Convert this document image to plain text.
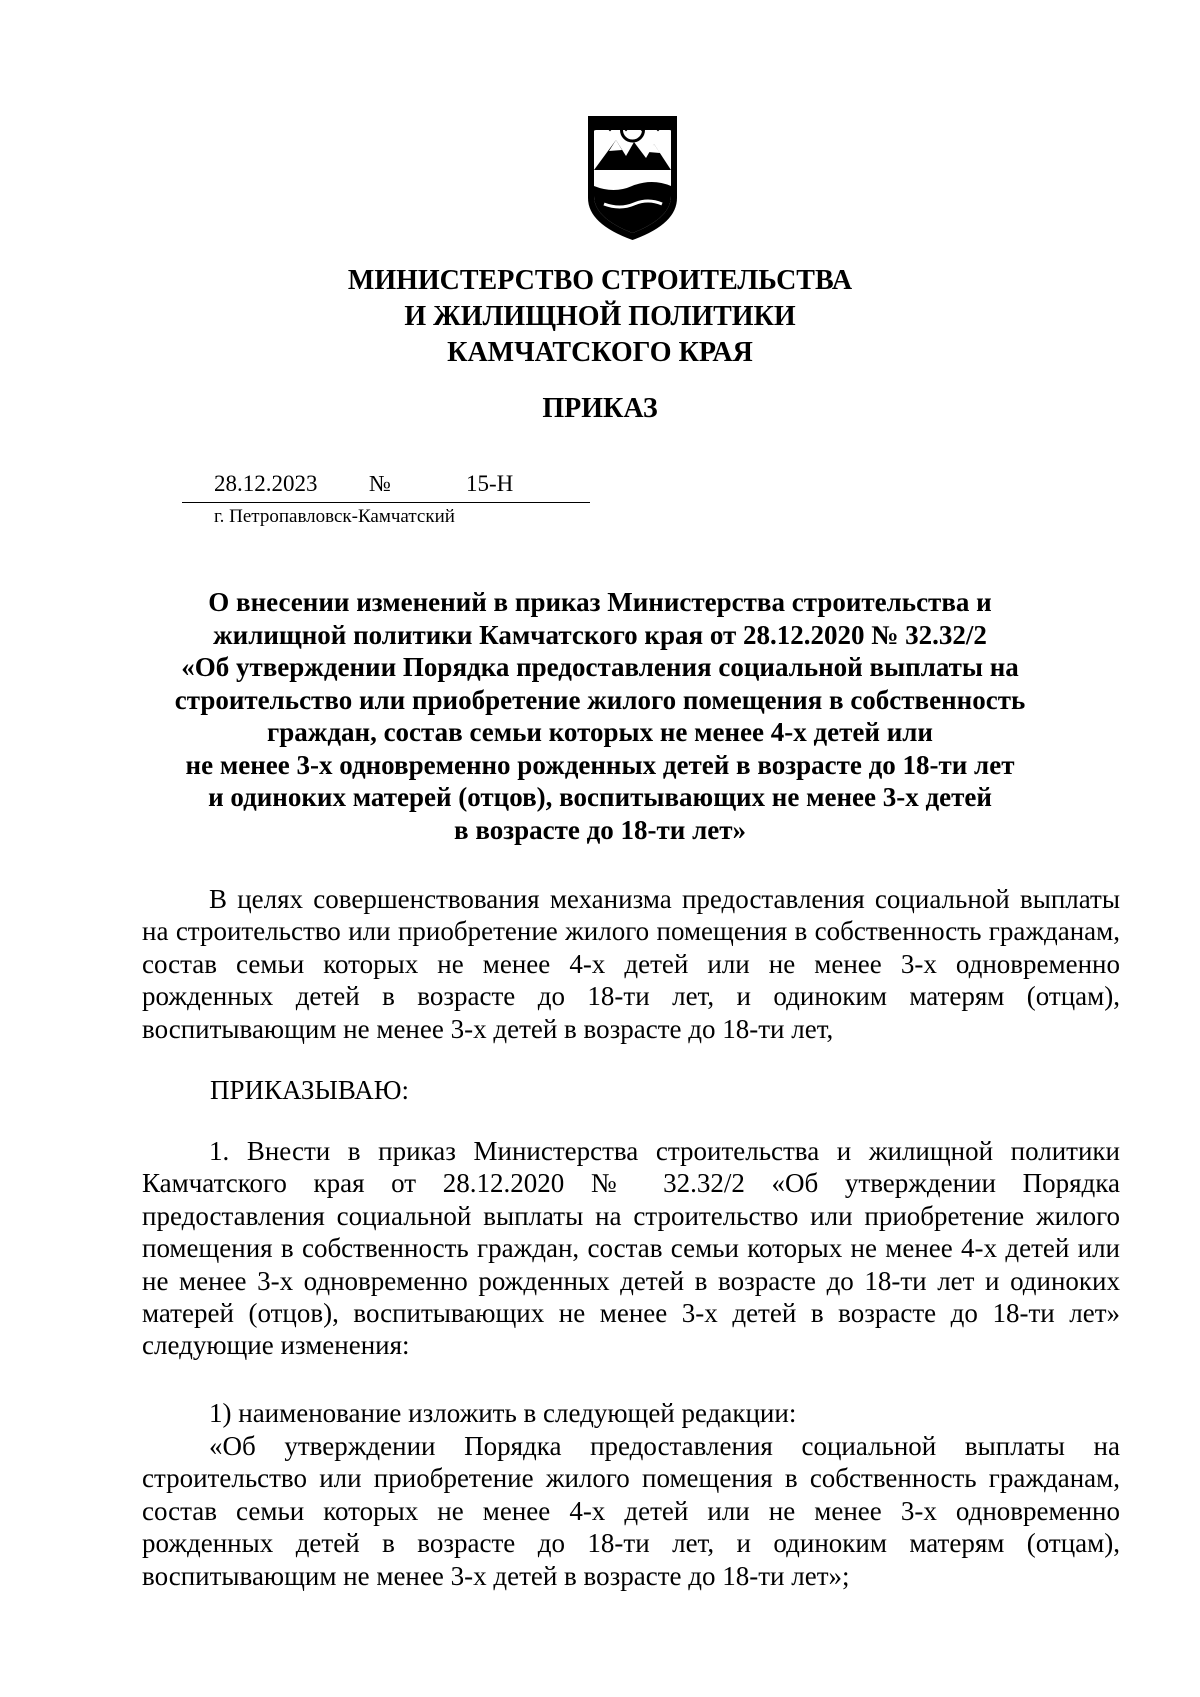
МИНИСТЕРСТВО СТРОИТЕЛЬСТВА
И ЖИЛИЩНОЙ ПОЛИТИКИ
КАМЧАТСКОГО КРАЯ
ПРИКАЗ
28.12.2023 №	15-Н
г. Петропавловск-Камчатский
О внесении изменений в приказ Министерства строительства и
жилищной политики Камчатского края от 28.12.2020 № 32.32/2
«Об утверждении Порядка предоставления социальной выплаты на
строительство или приобретение жилого помещения в собственность
граждан, состав семьи которых не менее 4-х детей или
не менее 3-х одновременно рожденных детей в возрасте до 18-ти лет
и одиноких матерей (отцов), воспитывающих не менее 3-х детей
в возрасте до 18-ти лет»
В целях совершенствования механизма предоставления социальной выплаты на строительство или приобретение жилого помещения в собственность гражданам, состав семьи которых не менее 4-х детей или не менее 3-х одновременно рожденных детей в возрасте до 18-ти лет, и одиноким матерям (отцам), воспитывающим не менее 3-х детей в возрасте до 18-ти лет,
ПРИКАЗЫВАЮ:
1. Внести в приказ Министерства строительства и жилищной политики Камчатского края от 28.12.2020 № 32.32/2 «Об утверждении Порядка предоставления социальной выплаты на строительство или приобретение жилого помещения в собственность граждан, состав семьи которых не менее 4-х детей или не менее 3-х одновременно рожденных детей в возрасте до 18-ти лет и одиноких матерей (отцов), воспитывающих не менее 3-х детей в возрасте до 18-ти лет» следующие изменения:
1) наименование изложить в следующей редакции:
«Об утверждении Порядка предоставления социальной выплаты на строительство или приобретение жилого помещения в собственность гражданам, состав семьи которых не менее 4-х детей или не менее 3-х одновременно рожденных детей в возрасте до 18-ти лет, и одиноким матерям (отцам), воспитывающим не менее 3-х детей в возрасте до 18-ти лет»;
